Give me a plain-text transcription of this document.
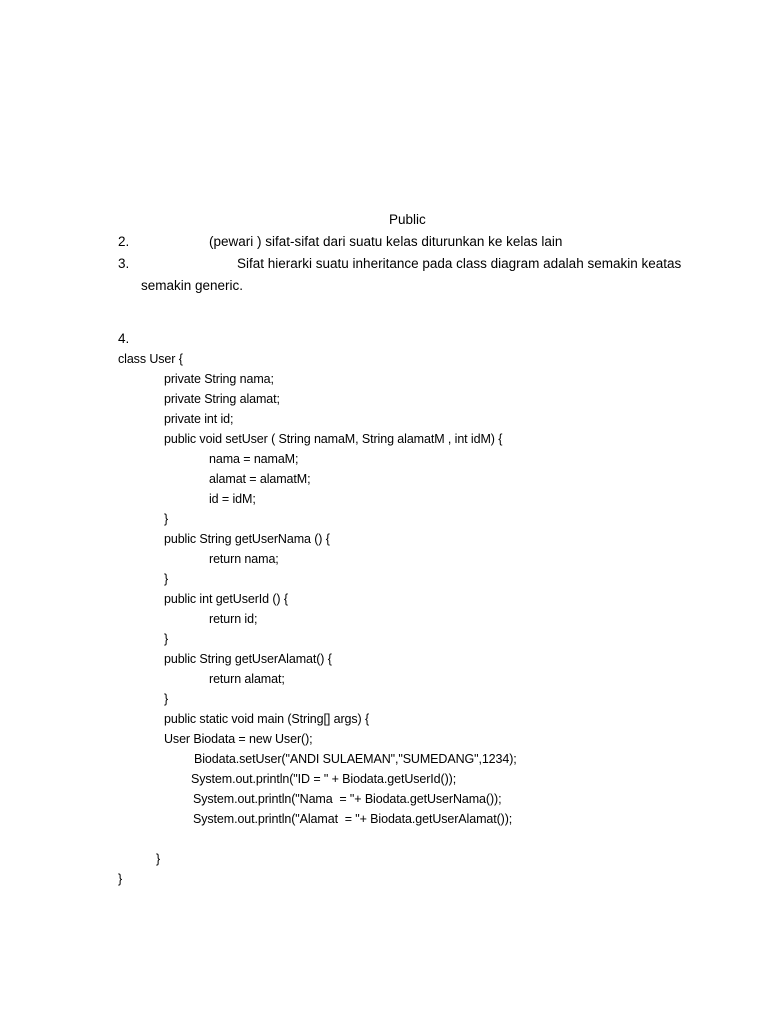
Public
2.	(pewari ) sifat-sifat dari suatu kelas diturunkan ke kelas lain
3.	Sifat hierarki suatu inheritance pada class diagram adalah semakin keatas
semakin generic.
4.
class User {
private String nama;
private String alamat;
private int id;
public void setUser ( String namaM, String alamatM , int idM) {
nama = namaM;
alamat = alamatM;
id = idM;
}
public String getUserNama () {
return nama;
}
public int getUserId () {
return id;
}
public String getUserAlamat() {
return alamat;
}
public static void main (String[] args) {
User Biodata = new User();
Biodata.setUser("ANDI SULAEMAN","SUMEDANG",1234);
System.out.println("ID = " + Biodata.getUserId());
System.out.println("Nama  = "+ Biodata.getUserNama());
System.out.println("Alamat  = "+ Biodata.getUserAlamat());
}
}
